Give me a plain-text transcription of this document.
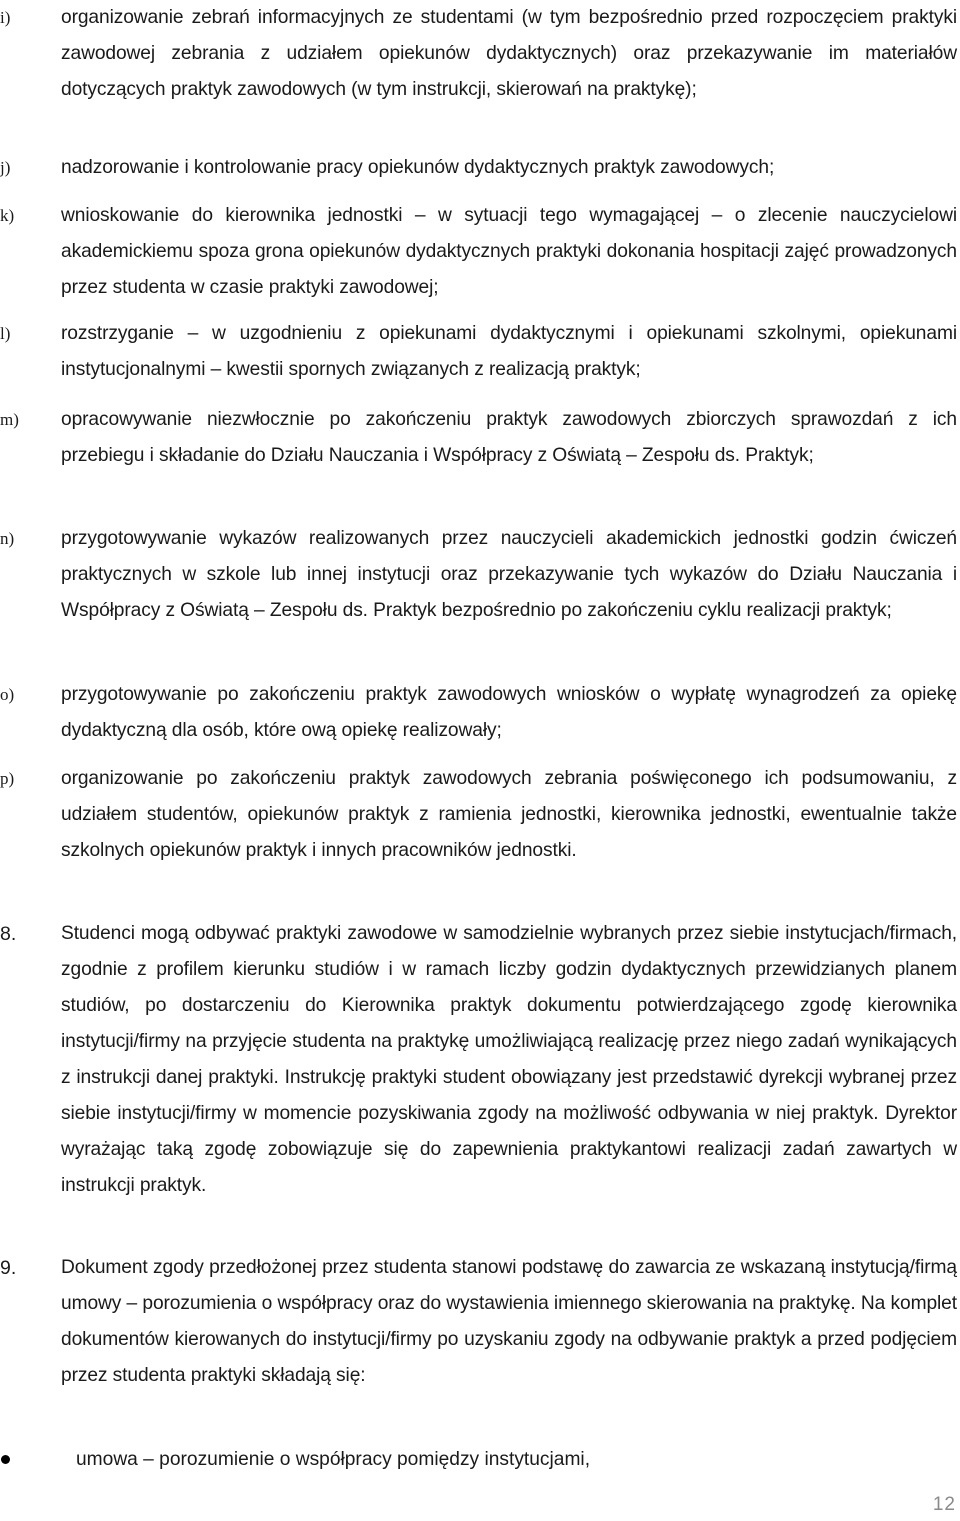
i)	organizowanie zebrań informacyjnych ze studentami (w tym bezpośrednio przed rozpoczęciem praktyki zawodowej zebrania z udziałem opiekunów dydaktycznych) oraz przekazywanie im materiałów dotyczących praktyk zawodowych (w tym instrukcji, skierowań na praktykę);

j)	nadzorowanie i kontrolowanie pracy opiekunów dydaktycznych praktyk zawodowych;

k) wnioskowanie do kierownika jednostki – w sytuacji tego wymagającej – o zlecenie nauczycielowi akademickiemu spoza grona opiekunów dydaktycznych praktyki dokonania hospitacji zajęć prowadzonych przez studenta w czasie praktyki zawodowej;

l)	rozstrzyganie – w uzgodnieniu z opiekunami dydaktycznymi i opiekunami szkolnymi, opiekunami instytucjonalnymi – kwestii spornych związanych z realizacją praktyk;

m) opracowywanie niezwłocznie po zakończeniu praktyk zawodowych zbiorczych sprawozdań z ich przebiegu i składanie do Działu Nauczania i Współpracy z Oświatą – Zespołu ds. Praktyk;

n) przygotowywanie wykazów realizowanych przez nauczycieli akademickich jednostki godzin ćwiczeń praktycznych w szkole lub innej instytucji oraz przekazywanie tych wykazów do Działu Nauczania i Współpracy z Oświatą – Zespołu ds. Praktyk bezpośrednio po zakończeniu cyklu realizacji praktyk;

o) przygotowywanie po zakończeniu praktyk zawodowych wniosków o wypłatę wynagrodzeń za opiekę dydaktyczną dla osób, które ową opiekę realizowały;

p) organizowanie po zakończeniu praktyk zawodowych zebrania poświęconego ich podsumowaniu, z udziałem studentów, opiekunów praktyk z ramienia jednostki, kierownika jednostki, ewentualnie także szkolnych opiekunów praktyk i innych pracowników jednostki.

8. Studenci mogą odbywać praktyki zawodowe w samodzielnie wybranych przez siebie instytucjach/firmach, zgodnie z profilem kierunku studiów i w ramach liczby godzin dydaktycznych przewidzianych planem studiów, po dostarczeniu do Kierownika praktyk dokumentu potwierdzającego zgodę kierownika instytucji/firmy na przyjęcie studenta na praktykę umożliwiającą realizację przez niego zadań wynikających z instrukcji danej praktyki. Instrukcję praktyki student obowiązany jest przedstawić dyrekcji wybranej przez siebie instytucji/firmy w momencie pozyskiwania zgody na możliwość odbywania w niej praktyk. Dyrektor wyrażając taką zgodę zobowiązuje się do zapewnienia praktykantowi realizacji zadań zawartych w instrukcji praktyk.

9. Dokument zgody przedłożonej przez studenta stanowi podstawę do zawarcia ze wskazaną instytucją/firmą umowy – porozumienia o współpracy oraz do wystawienia imiennego skierowania na praktykę. Na komplet dokumentów kierowanych do instytucji/firmy po uzyskaniu zgody na odbywanie praktyk a przed podjęciem przez studenta praktyki składają się:

umowa – porozumienie o współpracy pomiędzy instytucjami,
12
